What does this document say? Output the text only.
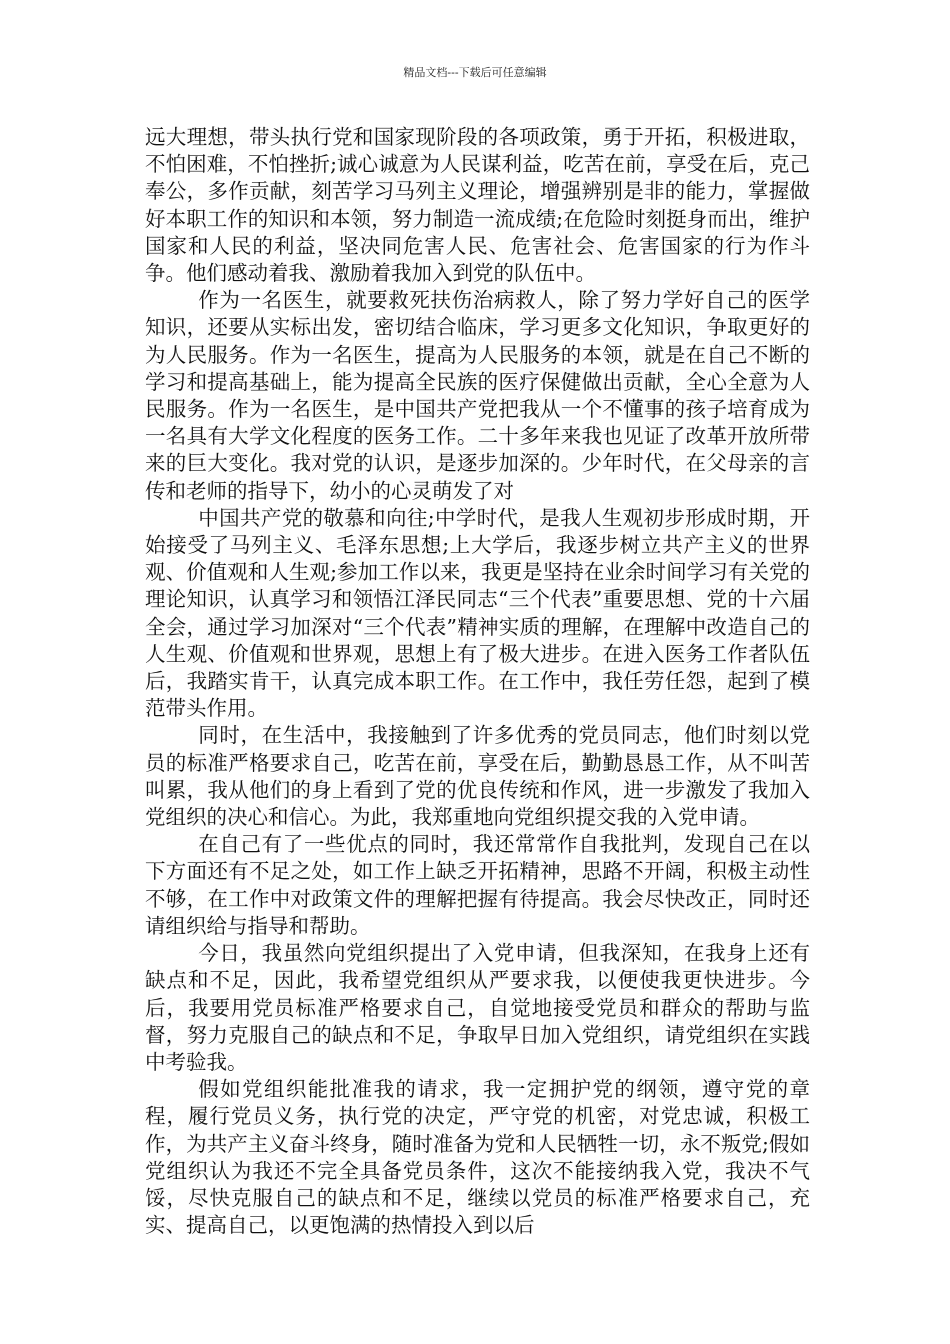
精品文档---下载后可任意编辑

远大理想，带头执行党和国家现阶段的各项政策，勇于开拓，积极进取，不怕困难，不怕挫折;诚心诚意为人民谋利益，吃苦在前，享受在后，克己奉公，多作贡献，刻苦学习马列主义理论，增强辨别是非的能力，掌握做好本职工作的知识和本领，努力制造一流成绩;在危险时刻挺身而出，维护国家和人民的利益，坚决同危害人民、危害社会、危害国家的行为作斗争。他们感动着我、激励着我加入到党的队伍中。

作为一名医生，就要救死扶伤治病救人，除了努力学好自己的医学知识，还要从实标出发，密切结合临床，学习更多文化知识，争取更好的为人民服务。作为一名医生，提高为人民服务的本领，就是在自己不断的学习和提高基础上，能为提高全民族的医疗保健做出贡献，全心全意为人民服务。作为一名医生，是中国共产党把我从一个不懂事的孩子培育成为一名具有大学文化程度的医务工作。二十多年来我也见证了改革开放所带来的巨大变化。我对党的认识，是逐步加深的。少年时代，在父母亲的言传和老师的指导下，幼小的心灵萌发了对

中国共产党的敬慕和向往;中学时代，是我人生观初步形成时期，开始接受了马列主义、毛泽东思想;上大学后，我逐步树立共产主义的世界观、价值观和人生观;参加工作以来，我更是坚持在业余时间学习有关党的理论知识，认真学习和领悟江泽民同志“三个代表”重要思想、党的十六届全会，通过学习加深对“三个代表”精神实质的理解，在理解中改造自己的人生观、价值观和世界观，思想上有了极大进步。在进入医务工作者队伍后，我踏实肯干，认真完成本职工作。在工作中，我任劳任怨，起到了模范带头作用。

同时，在生活中，我接触到了许多优秀的党员同志，他们时刻以党员的标准严格要求自己，吃苦在前，享受在后，勤勤恳恳工作，从不叫苦叫累，我从他们的身上看到了党的优良传统和作风，进一步激发了我加入党组织的决心和信心。为此，我郑重地向党组织提交我的入党申请。

在自己有了一些优点的同时，我还常常作自我批判，发现自己在以下方面还有不足之处，如工作上缺乏开拓精神，思路不开阔，积极主动性不够，在工作中对政策文件的理解把握有待提高。我会尽快改正，同时还请组织给与指导和帮助。

今日，我虽然向党组织提出了入党申请，但我深知，在我身上还有缺点和不足，因此，我希望党组织从严要求我，以便使我更快进步。今后，我要用党员标准严格要求自己，自觉地接受党员和群众的帮助与监督，努力克服自己的缺点和不足，争取早日加入党组织，请党组织在实践中考验我。

假如党组织能批准我的请求，我一定拥护党的纲领，遵守党的章程，履行党员义务，执行党的决定，严守党的机密，对党忠诚，积极工作，为共产主义奋斗终身，随时准备为党和人民牺牲一切，永不叛党;假如党组织认为我还不完全具备党员条件，这次不能接纳我入党，我决不气馁，尽快克服自己的缺点和不足，继续以党员的标准严格要求自己，充实、提高自己，以更饱满的热情投入到以后
